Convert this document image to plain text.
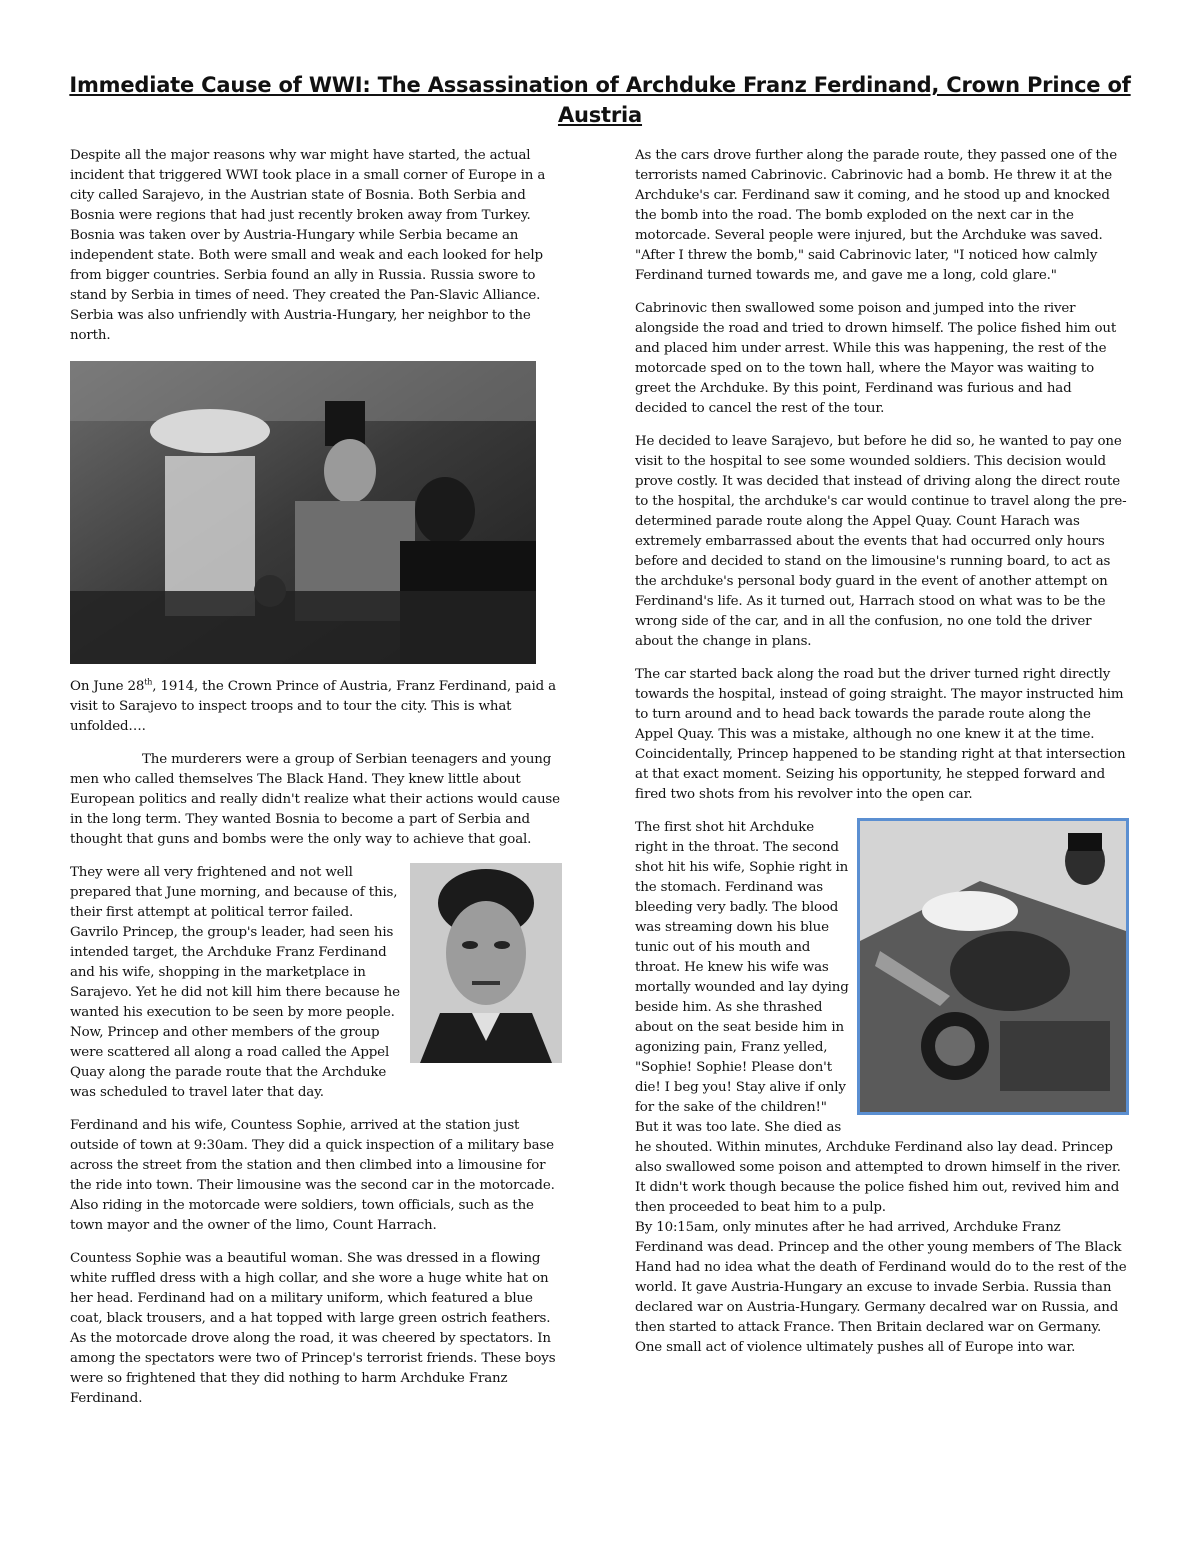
Immediate Cause of WWI: The Assassination of Archduke Franz Ferdinand, Crown Prince of Austria

Despite all the major reasons why war might have started, the actual incident that triggered WWI took place in a small corner of Europe in a city called Sarajevo, in the Austrian state of Bosnia. Both Serbia and Bosnia were regions that had just recently broken away from Turkey. Bosnia was taken over by Austria-Hungary while Serbia became an independent state. Both were small and weak and each looked for help from bigger countries. Serbia found an ally in Russia. Russia swore to stand by Serbia in times of need. They created the Pan-Slavic Alliance. Serbia was also unfriendly with Austria-Hungary, her neighbor to the north.

On June 28th, 1914, the Crown Prince of Austria, Franz Ferdinand, paid a visit to Sarajevo to inspect troops and to tour the city. This is what unfolded….

The murderers were a group of Serbian teenagers and young men who called themselves The Black Hand. They knew little about European politics and really didn't realize what their actions would cause in the long term. They wanted Bosnia to become a part of Serbia and thought that guns and bombs were the only way to achieve that goal.

They were all very frightened and not well prepared that June morning, and because of this, their first attempt at political terror failed. Gavrilo Princep, the group's leader, had seen his intended target, the Archduke Franz Ferdinand and his wife, shopping in the marketplace in Sarajevo. Yet he did not kill him there because he wanted his execution to be seen by more people. Now, Princep and other members of the group were scattered all along a road called the Appel Quay along the parade route that the Archduke was scheduled to travel later that day.

Ferdinand and his wife, Countess Sophie, arrived at the station just outside of town at 9:30am. They did a quick inspection of a military base across the street from the station and then climbed into a limousine for the ride into town. Their limousine was the second car in the motorcade. Also riding in the motorcade were soldiers, town officials, such as the town mayor and the owner of the limo, Count Harrach.

Countess Sophie was a beautiful woman. She was dressed in a flowing white ruffled dress with a high collar, and she wore a huge white hat on her head. Ferdinand had on a military uniform, which featured a blue coat, black trousers, and a hat topped with large green ostrich feathers. As the motorcade drove along the road, it was cheered by spectators. In among the spectators were two of Princep's terrorist friends. These boys were so frightened that they did nothing to harm Archduke Franz Ferdinand.

As the cars drove further along the parade route, they passed one of the terrorists named Cabrinovic. Cabrinovic had a bomb. He threw it at the Archduke's car. Ferdinand saw it coming, and he stood up and knocked the bomb into the road. The bomb exploded on the next car in the motorcade. Several people were injured, but the Archduke was saved. "After I threw the bomb," said Cabrinovic later, "I noticed how calmly Ferdinand turned towards me, and gave me a long, cold glare."

Cabrinovic then swallowed some poison and jumped into the river alongside the road and tried to drown himself. The police fished him out and placed him under arrest. While this was happening, the rest of the motorcade sped on to the town hall, where the Mayor was waiting to greet the Archduke. By this point, Ferdinand was furious and had decided to cancel the rest of the tour.

He decided to leave Sarajevo, but before he did so, he wanted to pay one visit to the hospital to see some wounded soldiers. This decision would prove costly. It was decided that instead of driving along the direct route to the hospital, the archduke's car would continue to travel along the pre-determined parade route along the Appel Quay. Count Harach was extremely embarrassed about the events that had occurred only hours before and decided to stand on the limousine's running board, to act as the archduke's personal body guard in the event of another attempt on Ferdinand's life. As it turned out, Harrach stood on what was to be the wrong side of the car, and in all the confusion, no one told the driver about the change in plans.

The car started back along the road but the driver turned right directly towards the hospital, instead of going straight. The mayor instructed him to turn around and to head back towards the parade route along the Appel Quay. This was a mistake, although no one knew it at the time. Coincidentally, Princep happened to be standing right at that intersection at that exact moment. Seizing his opportunity, he stepped forward and fired two shots from his revolver into the open car.

The first shot hit Archduke right in the throat. The second shot hit his wife, Sophie right in the stomach. Ferdinand was bleeding very badly. The blood was streaming down his blue tunic out of his mouth and throat. He knew his wife was mortally wounded and lay dying beside him. As she thrashed about on the seat beside him in agonizing pain, Franz yelled, "Sophie! Sophie! Please don't die! I beg you! Stay alive if only for the sake of the children!" But it was too late. She died as he shouted. Within minutes, Archduke Ferdinand also lay dead. Princep also swallowed some poison and attempted to drown himself in the river. It didn't work though because the police fished him out, revived him and then proceeded to beat him to a pulp.

By 10:15am, only minutes after he had arrived, Archduke Franz Ferdinand was dead. Princep and the other young members of The Black Hand had no idea what the death of Ferdinand would do to the rest of the world. It gave Austria-Hungary an excuse to invade Serbia. Russia than declared war on Austria-Hungary. Germany decalred war on Russia, and then started to attack France. Then Britain declared war on Germany. One small act of violence ultimately pushes all of Europe into war.
